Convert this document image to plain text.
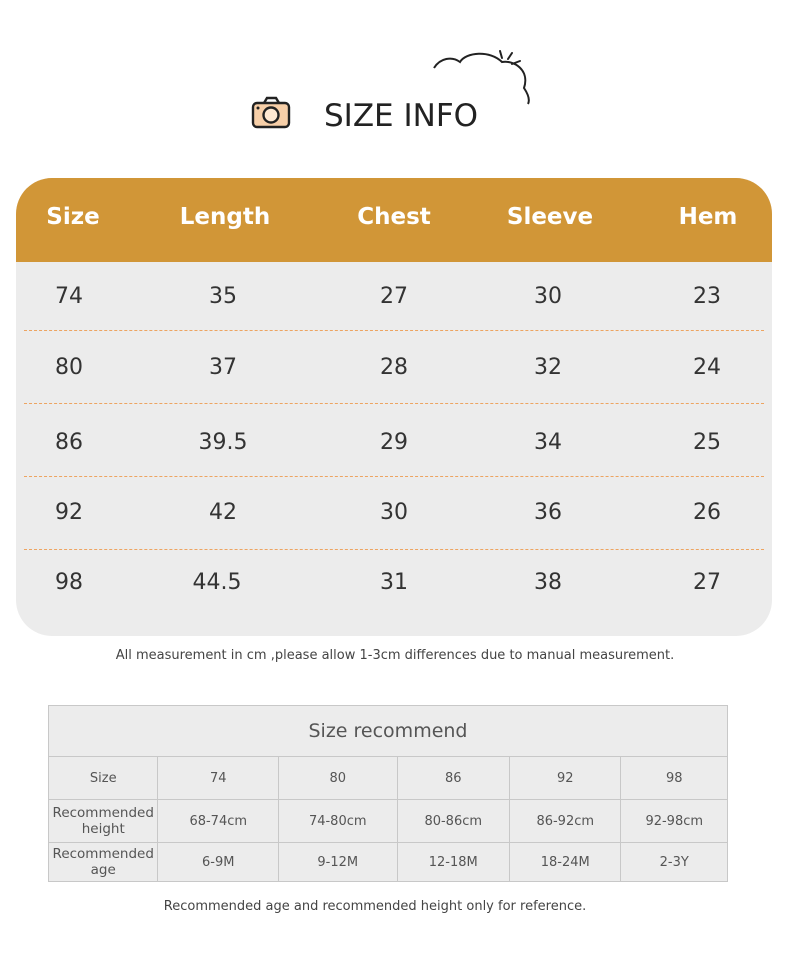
SIZE INFO
Size	Length	Chest	Sleeve	Hem
74	35	27	30	23
80	37	28	32	24
86	39.5	29	34	25
92	42	30	36	26
98	44.5	31	38	27
All measurement in cm ,please allow 1-3cm differences due to manual measurement.
Size recommend					
Size	74	80	86	92	98
Recommended
height	68-74cm	74-80cm	80-86cm	86-92cm	92-98cm
Recommended
age	6-9M	9-12M	12-18M	18-24M	2-3Y
Recommended age and recommended height only for reference.
